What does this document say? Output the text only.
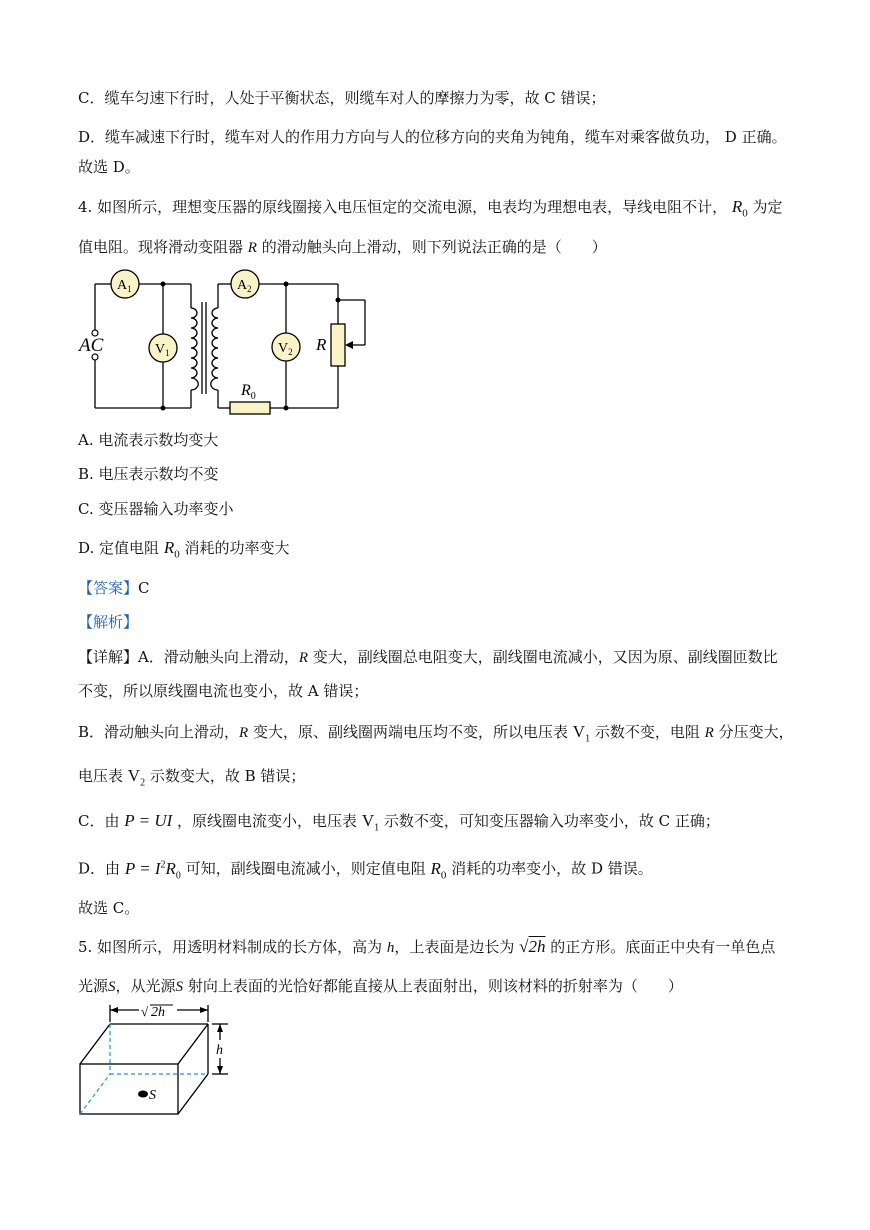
C．缆车匀速下行时，人处于平衡状态，则缆车对人的摩擦力为零，故 C 错误；
D．缆车减速下行时，缆车对人的作用力方向与人的位移方向的夹角为钝角，缆车对乘客做负功， D 正确。
故选 D。
4. 如图所示，理想变压器的原线圈接入电压恒定的交流电源，电表均为理想电表，导线电阻不计， $R_0$ 为定
值电阻。现将滑动变阻器 R 的滑动触头向上滑动，则下列说法正确的是（　　）
$A_1$
$V_1$
$A_2$
$V_2$
AC	R
$R_0$
A. 电流表示数均变大
B. 电压表示数均不变
C. 变压器输入功率变小
D. 定值电阻 $R_0$ 消耗的功率变大
【答案】C
【解析】
【详解】A．滑动触头向上滑动，R 变大，副线圈总电阻变大，副线圈电流减小，又因为原、副线圈匝数比
不变，所以原线圈电流也变小，故 A 错误；
B．滑动触头向上滑动，R 变大，原、副线圈两端电压均不变，所以电压表 $V_1$ 示数不变，电阻 R 分压变大，
电压表 $V_2$ 示数变大，故 B 错误；
C．由 P = UI ，原线圈电流变小，电压表 $V_1$ 示数不变，可知变压器输入功率变小，故 C 正确；
D．由 $P = I^2R_0$ 可知，副线圈电流减小，则定值电阻 $R_0$ 消耗的功率变小，故 D 错误。
故选 C。
5. 如图所示，用透明材料制成的长方体，高为 h，上表面是边长为 √2h 的正方形。底面正中央有一单色点
光源S，从光源S 射向上表面的光恰好都能直接从上表面射出，则该材料的折射率为（　　）
√ 2h
h
S
